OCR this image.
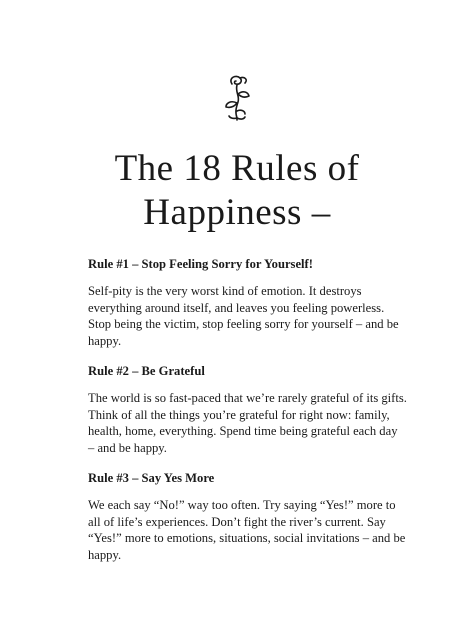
The 18 Rules of
Happiness –

Rule #1 – Stop Feeling Sorry for Yourself!

Self-pity is the very worst kind of emotion. It destroys
everything around itself, and leaves you feeling powerless.
Stop being the victim, stop feeling sorry for yourself – and be
happy.

Rule #2 – Be Grateful

The world is so fast-paced that we’re rarely grateful of its gifts.
Think of all the things you’re grateful for right now: family,
health, home, everything. Spend time being grateful each day
– and be happy.

Rule #3 – Say Yes More

We each say “No!” way too often. Try saying “Yes!” more to
all of life’s experiences. Don’t fight the river’s current. Say
“Yes!” more to emotions, situations, social invitations – and be
happy.
